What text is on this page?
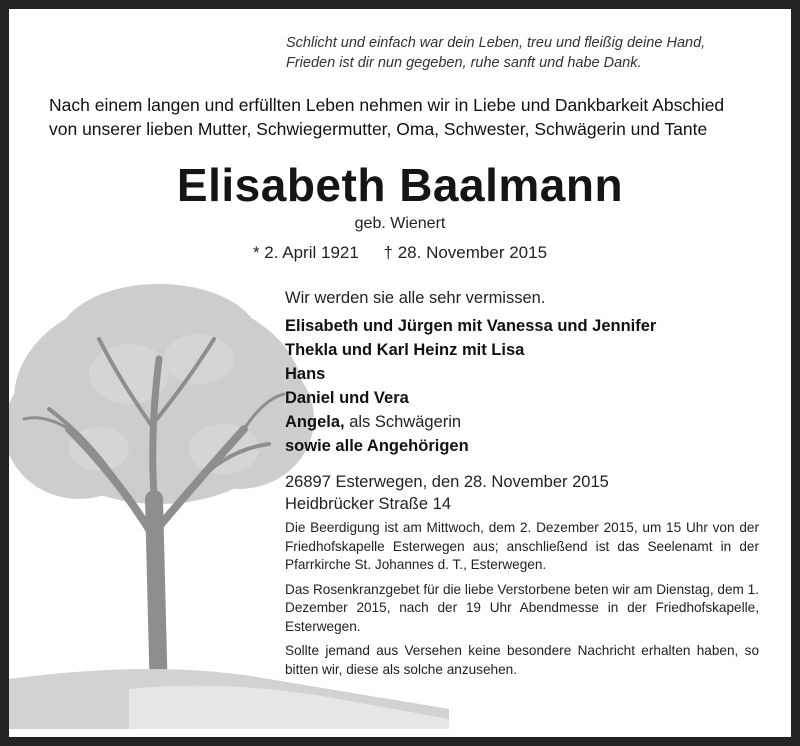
Schlicht und einfach war dein Leben, treu und fleißig deine Hand,
Frieden ist dir nun gegeben, ruhe sanft und habe Dank.

Nach einem langen und erfüllten Leben nehmen wir in Liebe und Dankbarkeit Abschied

von unserer lieben Mutter, Schwiegermutter, Oma, Schwester, Schwägerin und Tante

Elisabeth Baalmann
geb. Wienert
* 2. April 1921 † 28. November 2015
Wir werden sie alle sehr vermissen.
Elisabeth und Jürgen mit Vanessa und Jennifer
Thekla und Karl Heinz mit Lisa
Hans
Daniel und Vera
Angela, als Schwägerin
sowie alle Angehörigen
26897 Esterwegen, den 28. November 2015
Heidbrücker Straße 14

Die Beerdigung ist am Mittwoch, dem 2. Dezember 2015, um 15 Uhr von der Friedhofskapelle Esterwegen aus; anschließend ist das Seelenamt in der Pfarrkirche St. Johannes d. T., Esterwegen.

Das Rosenkranzgebet für die liebe Verstorbene beten wir am Dienstag, dem 1. Dezember 2015, nach der 19 Uhr Abendmesse in der Friedhofskapelle, Esterwegen.

Sollte jemand aus Versehen keine besondere Nachricht erhalten haben, so bitten wir, diese als solche anzusehen.
